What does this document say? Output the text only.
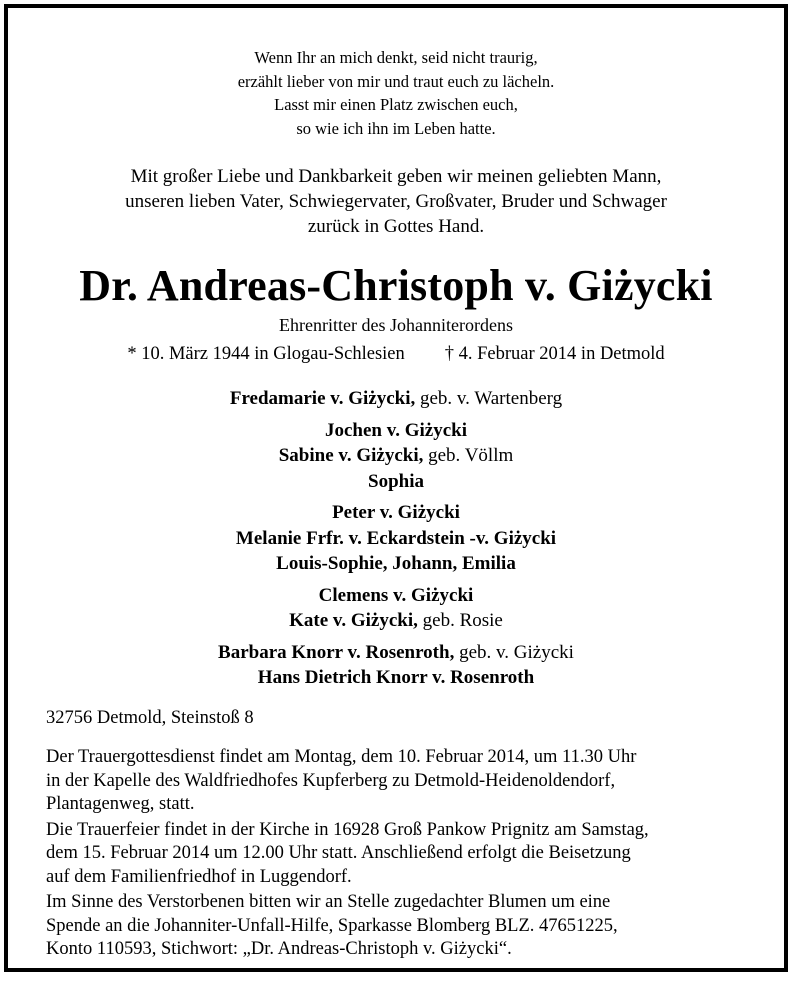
Wenn Ihr an mich denkt, seid nicht traurig,
erzählt lieber von mir und traut euch zu lächeln.
Lasst mir einen Platz zwischen euch,
so wie ich ihn im Leben hatte.
Mit großer Liebe und Dankbarkeit geben wir meinen geliebten Mann,
unseren lieben Vater, Schwiegervater, Großvater, Bruder und Schwager
zurück in Gottes Hand.
Dr. Andreas-Christoph v. Giżycki
Ehrenritter des Johanniterordens
* 10. März 1944 in Glogau-Schlesien † 4. Februar 2014 in Detmold
Fredamarie v. Giżycki, geb. v. Wartenberg
Jochen v. Giżycki
Sabine v. Giżycki, geb. Völlm
Sophia
Peter v. Giżycki
Melanie Frfr. v. Eckardstein -v. Giżycki
Louis-Sophie, Johann, Emilia
Clemens v. Giżycki
Kate v. Giżycki, geb. Rosie
Barbara Knorr v. Rosenroth, geb. v. Giżycki
Hans Dietrich Knorr v. Rosenroth
32756 Detmold, Steinstoß 8

Der Trauergottesdienst findet am Montag, dem 10. Februar 2014, um 11.30 Uhr
in der Kapelle des Waldfriedhofes Kupferberg zu Detmold-Heidenoldendorf,
Plantagenweg, statt.

Die Trauerfeier findet in der Kirche in 16928 Groß Pankow Prignitz am Samstag,
dem 15. Februar 2014 um 12.00 Uhr statt. Anschließend erfolgt die Beisetzung
auf dem Familienfriedhof in Luggendorf.

Im Sinne des Verstorbenen bitten wir an Stelle zugedachter Blumen um eine
Spende an die Johanniter-Unfall-Hilfe, Sparkasse Blomberg BLZ. 47651225,
Konto 110593, Stichwort: „Dr. Andreas-Christoph v. Giżycki“.
